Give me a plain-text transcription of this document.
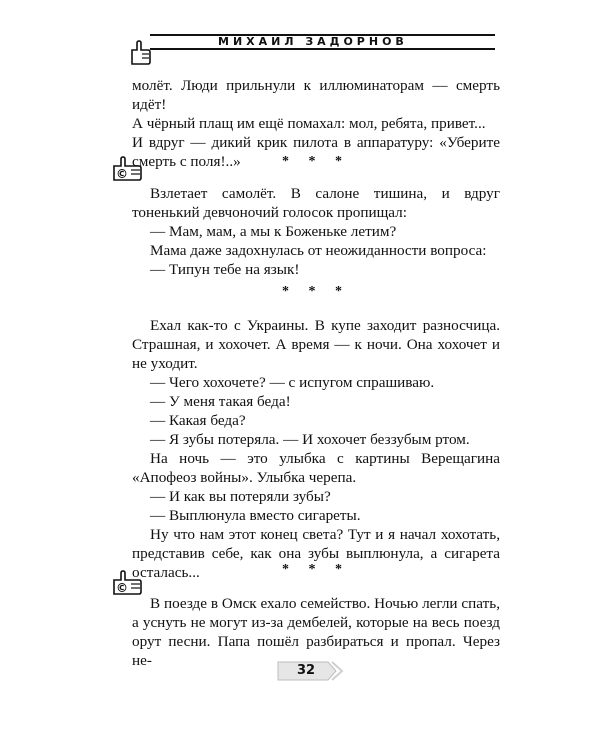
МИХАИЛ ЗАДОРНОВ

молёт. Люди прильнули к иллюминаторам — смерть идёт!

А чёрный плащ им ещё помахал: мол, ребята, привет...

И вдруг — дикий крик пилота в аппаратуру: «Уберите смерть с поля!..»	* * *
©

Взлетает самолёт. В салоне тишина, и вдруг тоненький девчоночий голосок пропищал:

— Мам, мам, а мы к Боженьке летим?

Мама даже задохнулась от неожиданности вопроса:

— Типун тебе на язык!

* * *

Ехал как-то с Украины. В купе заходит разносчица. Страшная, и хохочет. А время — к ночи. Она хохочет и не уходит.

— Чего хохочете? — с испугом спрашиваю.

— У меня такая беда!

— Какая беда?

— Я зубы потеряла. — И хохочет беззубым ртом.

На ночь — это улыбка с картины Верещагина «Апофеоз войны». Улыбка черепа.

— И как вы потеряли зубы?

— Выплюнула вместо сигареты.

Ну что нам этот конец света? Тут и я начал хохотать, представив себе, как она зубы выплюнула, а сигарета осталась...	* * *
©

В поезде в Омск ехало семейство. Ночью легли спать, а уснуть не могут из-за дембелей, которые на весь поезд орут песни. Папа пошёл разбираться и пропал. Через не-

32
